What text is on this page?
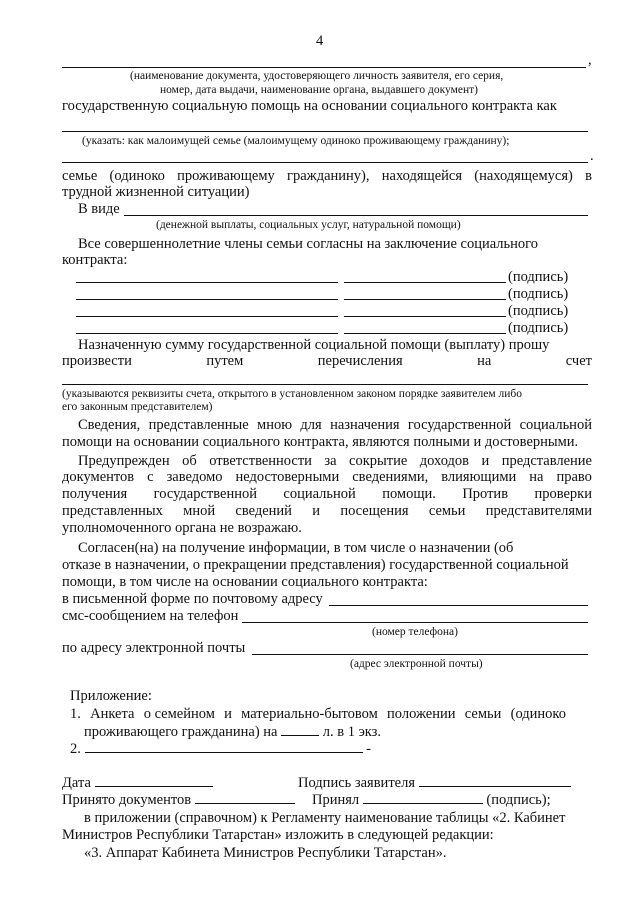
4
,
(наименование документа, удостоверяющего личность заявителя, его серия,
номер, дата выдачи, наименование органа, выдавшего документ)
государственную социальную помощь на основании социального контракта как
(указать: как малоимущей семье (малоимущему одиноко проживающему гражданину);
.
семье (одиноко проживающему гражданину), находящейся (находящемуся) в
трудной жизненной ситуации)
В виде
(денежной выплаты, социальных услуг, натуральной помощи)
Все совершеннолетние члены семьи согласны на заключение социального
контракта:
(подпись)
(подпись)
(подпись)
(подпись)
Назначенную сумму государственной социальной помощи (выплату) прошу
произвести	путем	перечисления	на	счет
(указываются реквизиты счета, открытого в установленном законом порядке заявителем либо
его законным представителем)
Сведения, представленные мною для назначения государственной социальной
помощи на основании социального контракта, являются полными и достоверными.
Предупрежден об ответственности за сокрытие доходов и представление
документов с заведомо недостоверными сведениями, влияющими на право
получения государственной социальной помощи. Против проверки
представленных мной сведений и посещения семьи представителями
уполномоченного органа не возражаю.
Согласен(на) на получение информации, в том числе о назначении (об
отказе в назначении, о прекращении представления) государственной социальной
помощи, в том числе на основании социального контракта:
в письменной форме по почтовому адресу
смс-сообщением на телефон
(номер телефона)
по адресу электронной почты
(адрес электронной почты)
Приложение:
1. Анкета о семейном и материально-бытовом положении семьи (одиноко
проживающего гражданина) на	л. в 1 экз.
2.	-
Дата	Подпись заявителя
Принято документов	Принял	(подпись);
в приложении (справочном) к Регламенту наименование таблицы «2. Кабинет
Министров Республики Татарстан» изложить в следующей редакции:
«3. Аппарат Кабинета Министров Республики Татарстан».
